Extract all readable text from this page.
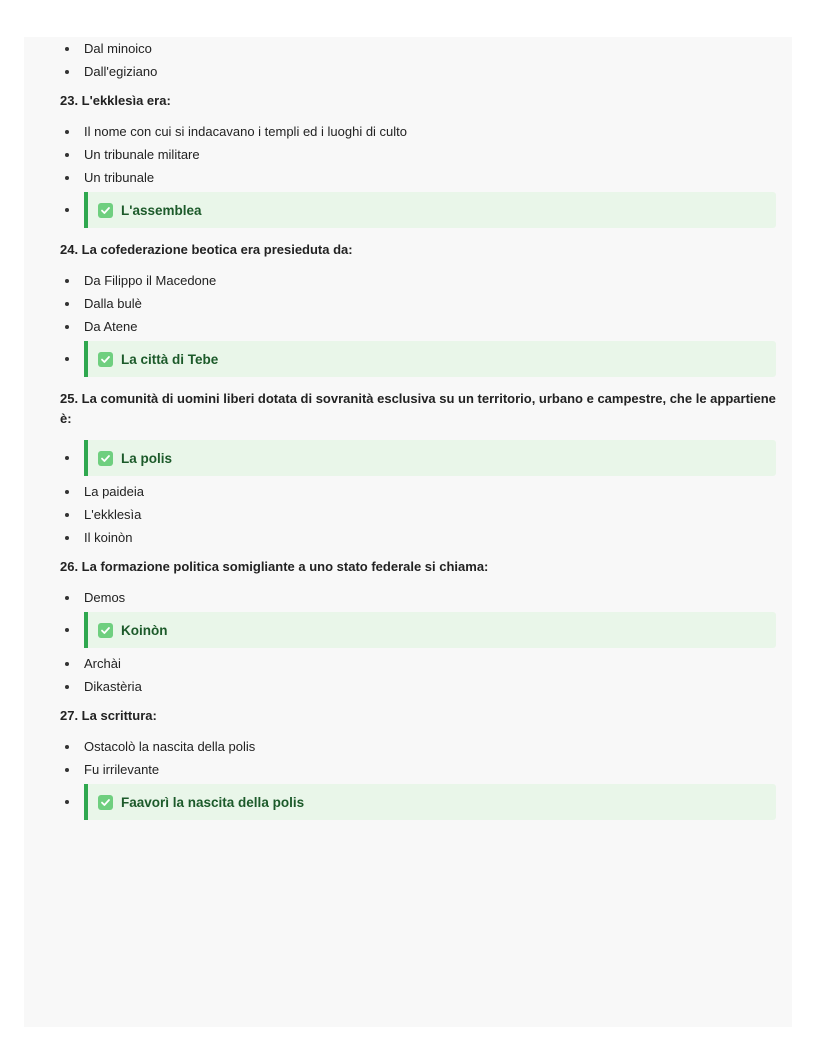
Dal minoico
Dall'egiziano

23. L'ekklesìa era:

Il nome con cui si indacavano i templi ed i luoghi di culto
Un tribunale militare
Un tribunale
L'assemblea

24. La cofederazione beotica era presieduta da:

Da Filippo il Macedone
Dalla bulè
Da Atene
La città di Tebe

25. La comunità di uomini liberi dotata di sovranità esclusiva su un territorio, urbano e campestre, che le appartiene è:

La polis
La paideia
L'ekklesìa
Il koinòn

26. La formazione politica somigliante a uno stato federale si chiama:

Demos
Koinòn
Archài
Dikastèria

27. La scrittura:

Ostacolò la nascita della polis
Fu irrilevante
Faavorì la nascita della polis
